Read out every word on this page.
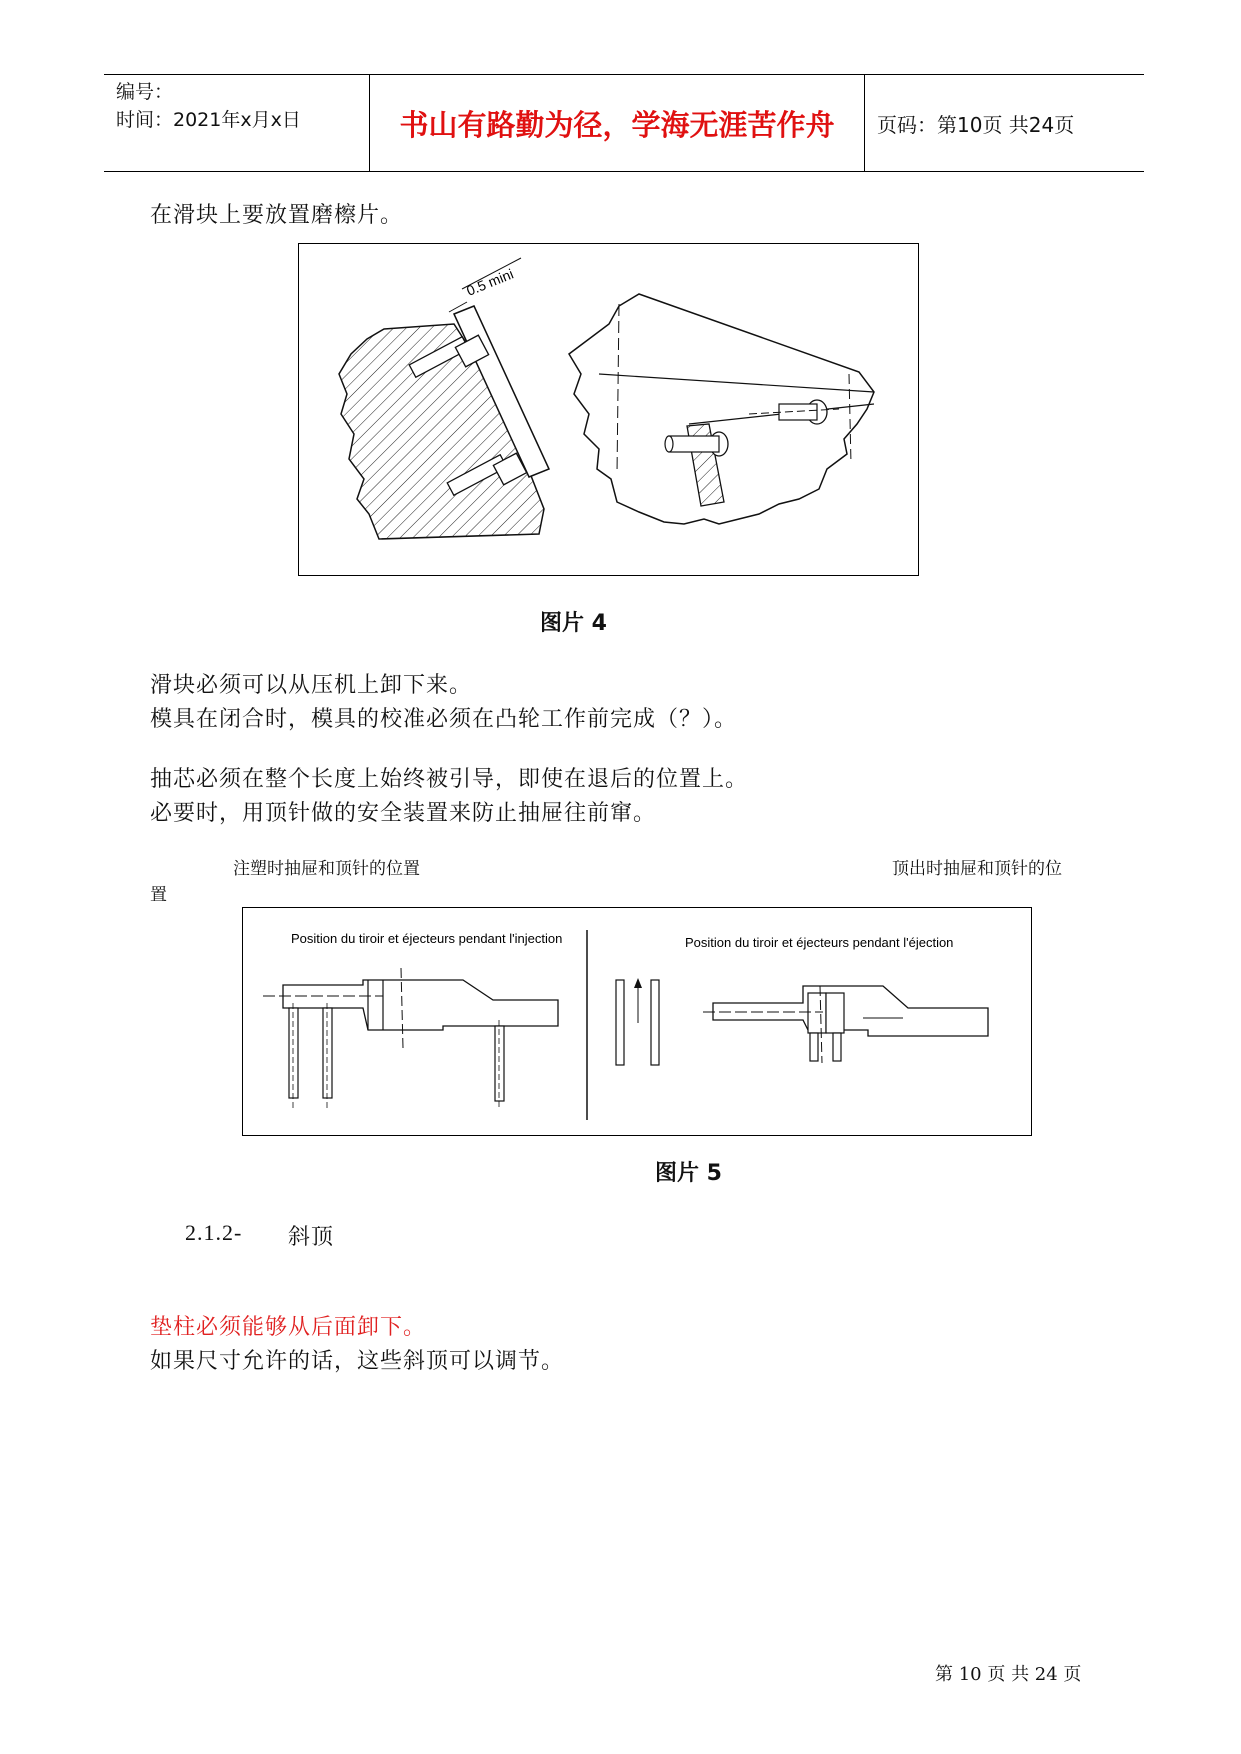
编号：
时间：2021年x月x日	书山有路勤为径，学海无涯苦作舟	页码：第10页 共24页
在滑块上要放置磨檫片。
0.5 mini
图片 4
滑块必须可以从压机上卸下来。
模具在闭合时，模具的校准必须在凸轮工作前完成（？）。
抽芯必须在整个长度上始终被引导，即使在退后的位置上。
必要时，用顶针做的安全装置来防止抽屉往前窜。
注塑时抽屉和顶针的位置	顶出时抽屉和顶针的位
置
Position du tiroir et éjecteurs pendant l'injection	Position du tiroir et éjecteurs pendant l'éjection
图片 5
2.1.2- 斜顶
垫柱必须能够从后面卸下。
如果尺寸允许的话，这些斜顶可以调节。
第 10 页 共 24 页
